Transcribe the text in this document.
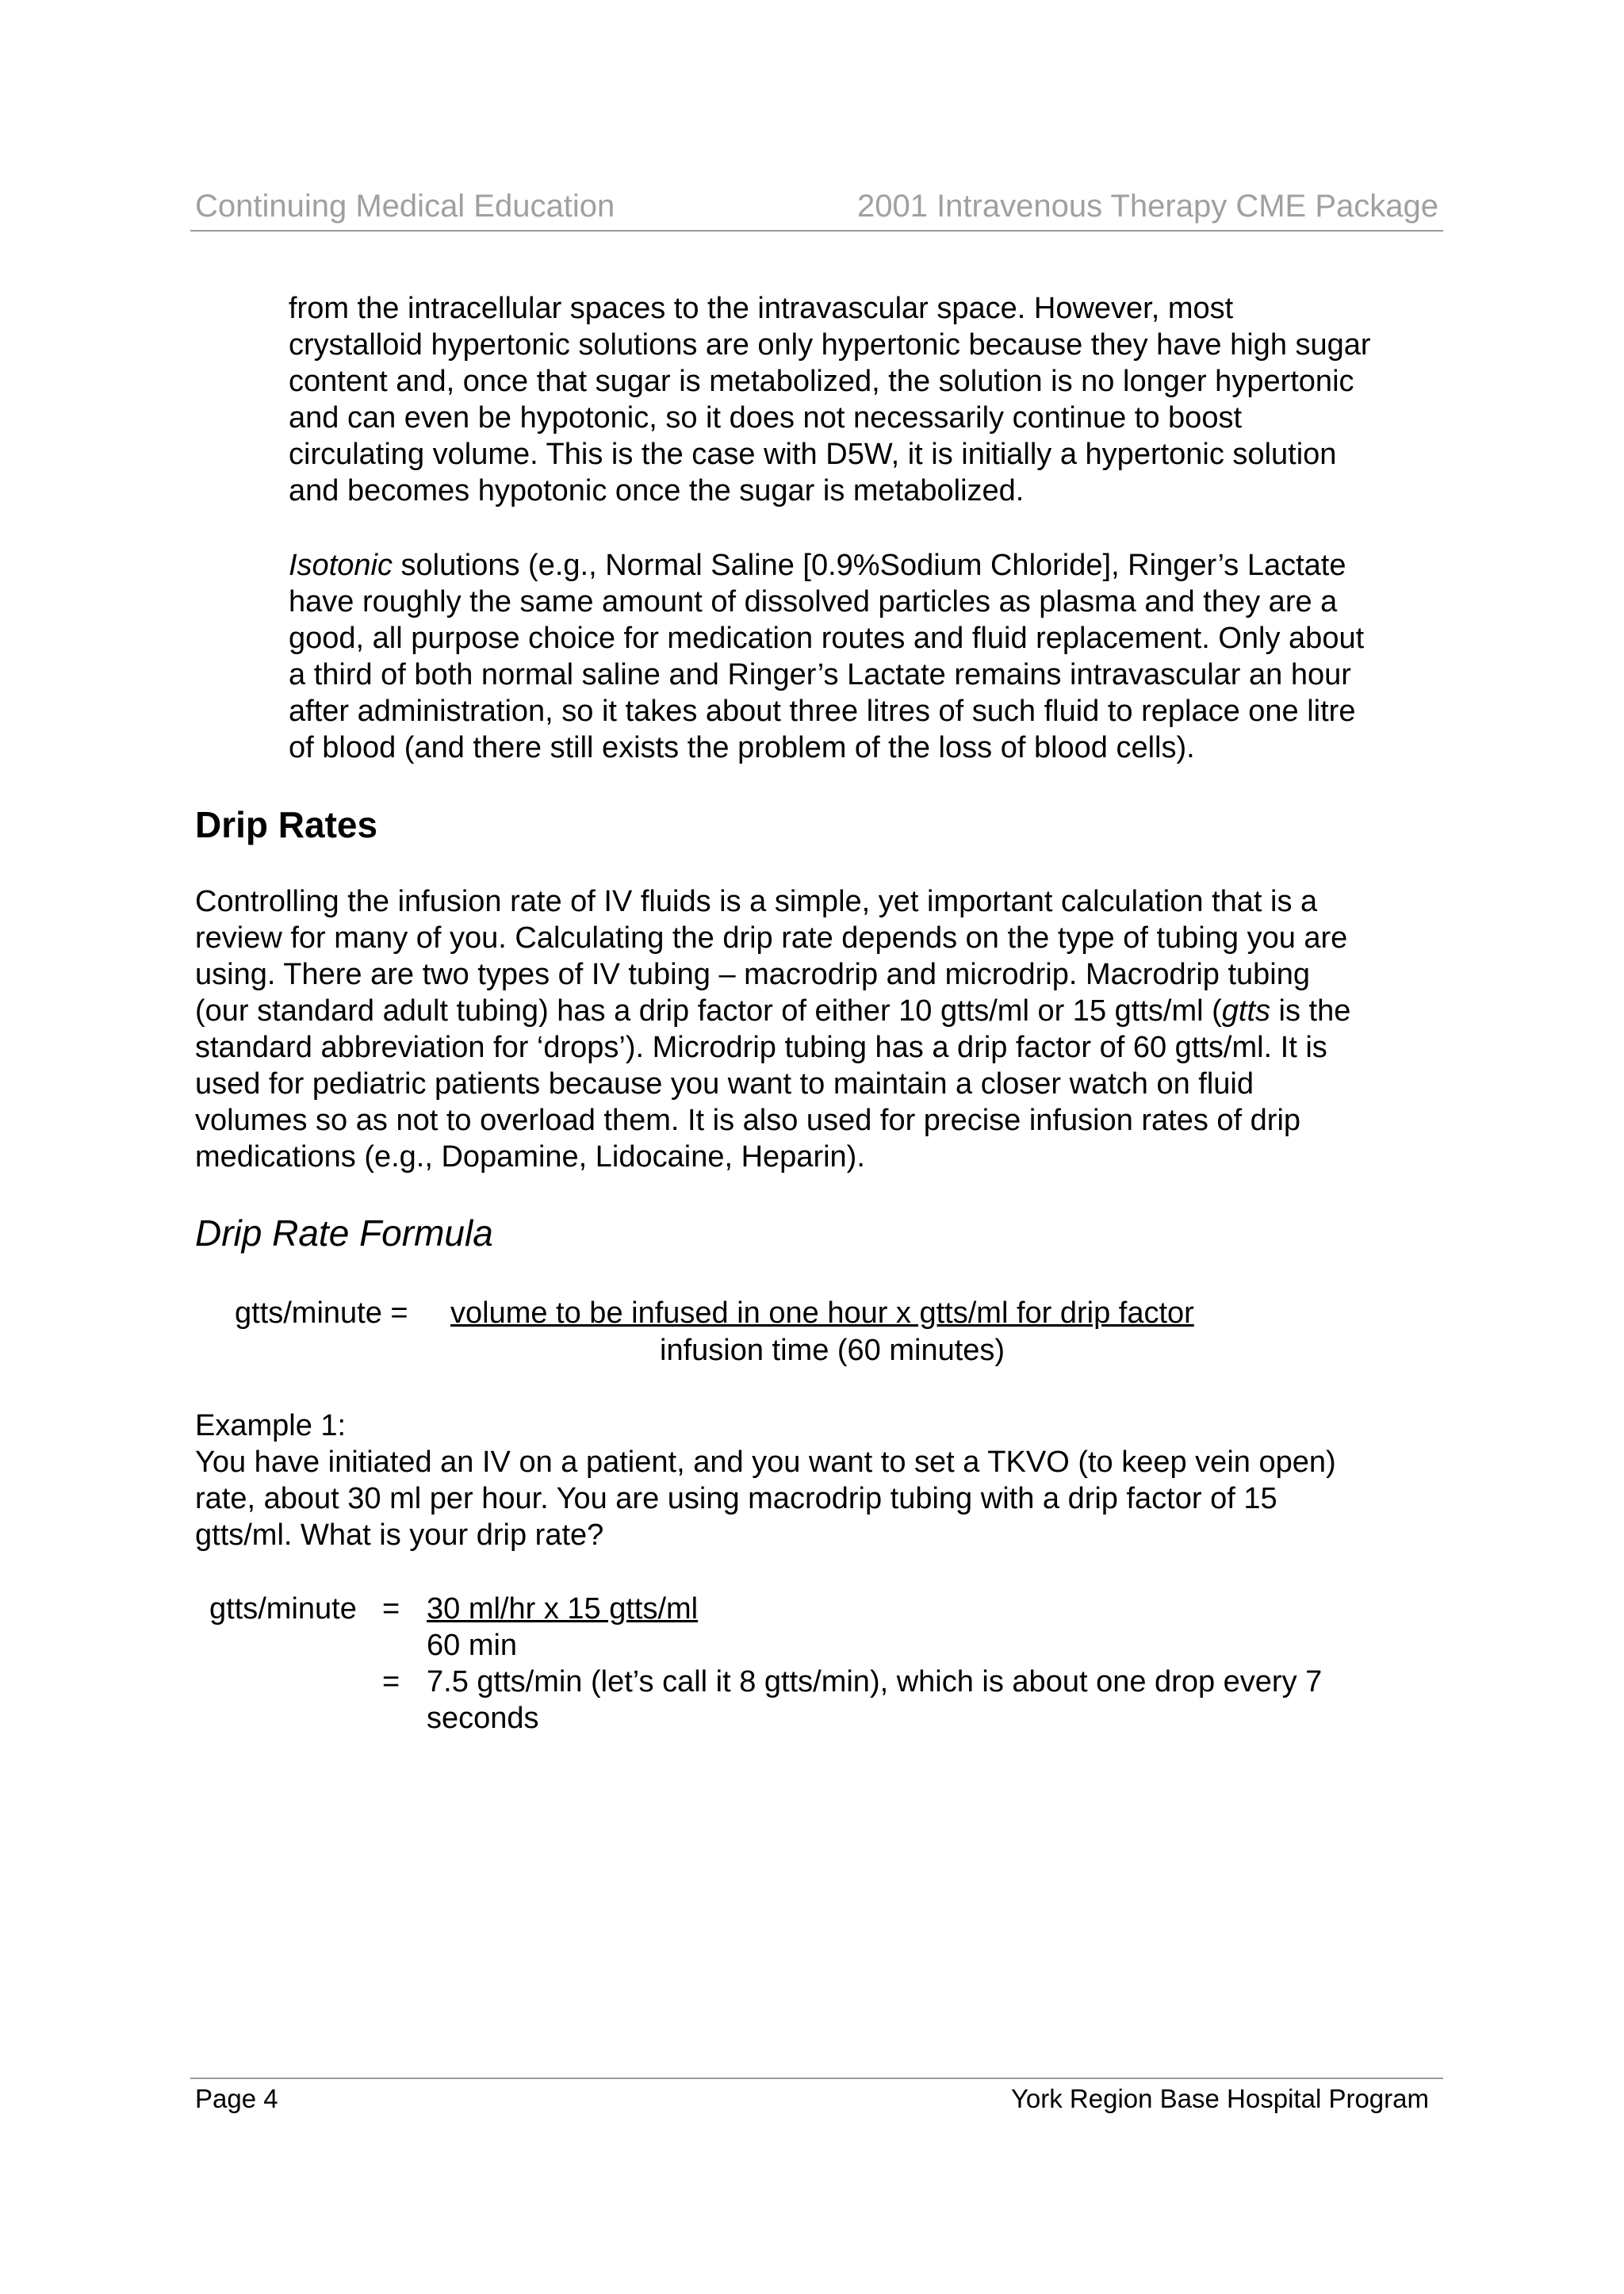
Continuing Medical Education	2001 Intravenous Therapy CME Package
from the intracellular spaces to the intravascular space. However, most
crystalloid hypertonic solutions are only hypertonic because they have high sugar
content and, once that sugar is metabolized, the solution is no longer hypertonic
and can even be hypotonic, so it does not necessarily continue to boost
circulating volume. This is the case with D5W, it is initially a hypertonic solution
and becomes hypotonic once the sugar is metabolized.
Isotonic solutions (e.g., Normal Saline [0.9%Sodium Chloride], Ringer’s Lactate
have roughly the same amount of dissolved particles as plasma and they are a
good, all purpose choice for medication routes and fluid replacement. Only about
a third of both normal saline and Ringer’s Lactate remains intravascular an hour
after administration, so it takes about three litres of such fluid to replace one litre
of blood (and there still exists the problem of the loss of blood cells).
Drip Rates
Controlling the infusion rate of IV fluids is a simple, yet important calculation that is a
review for many of you. Calculating the drip rate depends on the type of tubing you are
using. There are two types of IV tubing – macrodrip and microdrip. Macrodrip tubing
(our standard adult tubing) has a drip factor of either 10 gtts/ml or 15 gtts/ml (gtts is the
standard abbreviation for ‘drops’). Microdrip tubing has a drip factor of 60 gtts/ml. It is
used for pediatric patients because you want to maintain a closer watch on fluid
volumes so as not to overload them. It is also used for precise infusion rates of drip
medications (e.g., Dopamine, Lidocaine, Heparin).
Drip Rate Formula
gtts/minute = volume to be infused in one hour x gtts/ml for drip factor
infusion time (60 minutes)
Example 1:
You have initiated an IV on a patient, and you want to set a TKVO (to keep vein open)
rate, about 30 ml per hour. You are using macrodrip tubing with a drip factor of 15
gtts/ml. What is your drip rate?
gtts/minute = 30 ml/hr x 15 gtts/ml
60 min
= 7.5 gtts/min (let’s call it 8 gtts/min), which is about one drop every 7
seconds
Page 4	York Region Base Hospital Program
